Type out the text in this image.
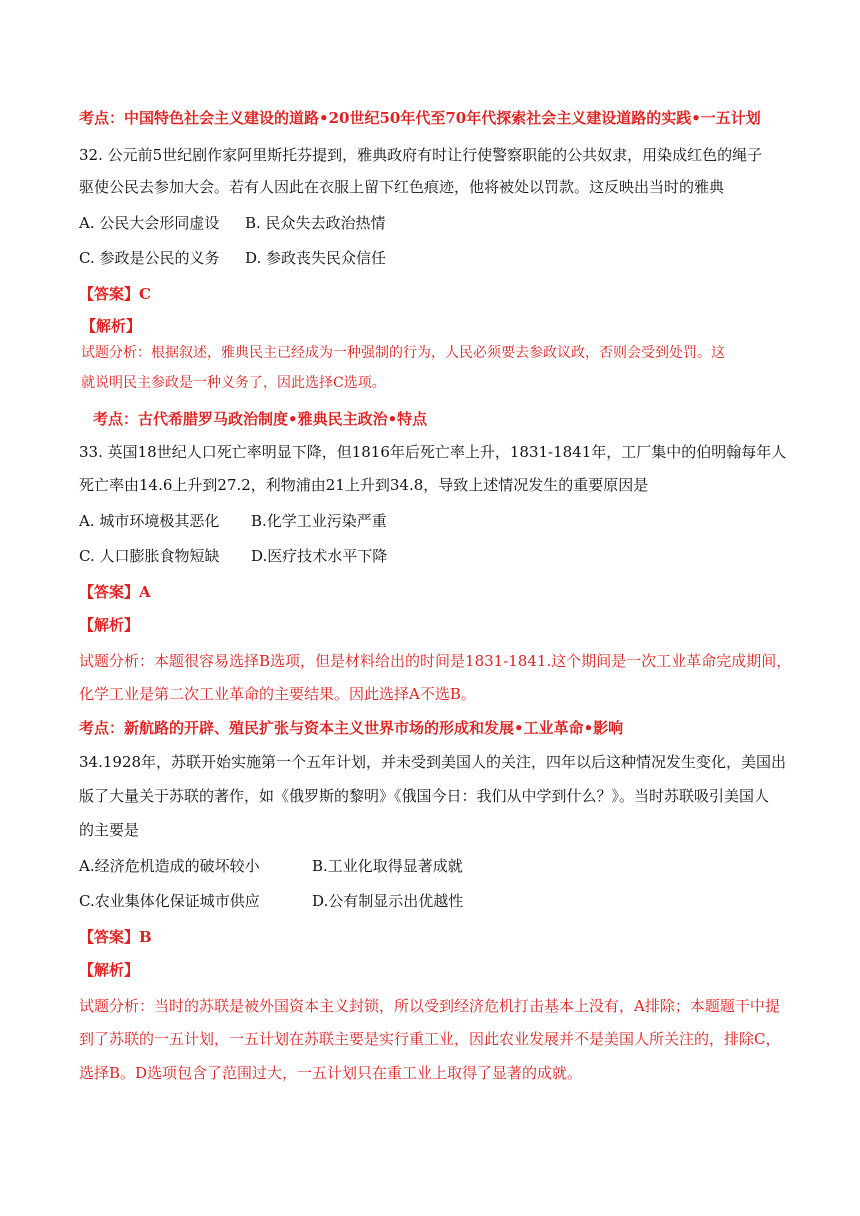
考点：中国特色社会主义建设的道路•20世纪50年代至70年代探索社会主义建设道路的实践•一五计划
32. 公元前5世纪剧作家阿里斯托芬提到，雅典政府有时让行使警察职能的公共奴隶，用染成红色的绳子
驱使公民去参加大会。若有人因此在衣服上留下红色痕迹，他将被处以罚款。这反映出当时的雅典
A. 公民大会形同虚设 B. 民众失去政治热情
C. 参政是公民的义务 D. 参政丧失民众信任
【答案】C
【解析】
试题分析：根据叙述，雅典民主已经成为一种强制的行为，人民必须要去参政议政，否则会受到处罚。这
就说明民主参政是一种义务了，因此选择C选项。
考点：古代希腊罗马政治制度•雅典民主政治•特点
33. 英国18世纪人口死亡率明显下降，但1816年后死亡率上升，1831-1841年，工厂集中的伯明翰每年人
死亡率由14.6上升到27.2，利物浦由21上升到34.8，导致上述情况发生的重要原因是
A. 城市环境极其恶化 B.化学工业污染严重
C. 人口膨胀食物短缺 D.医疗技术水平下降
【答案】A
【解析】
试题分析：本题很容易选择B选项，但是材料给出的时间是1831-1841.这个期间是一次工业革命完成期间，
化学工业是第二次工业革命的主要结果。因此选择A不选B。
考点：新航路的开辟、殖民扩张与资本主义世界市场的形成和发展•工业革命•影响
34.1928年，苏联开始实施第一个五年计划，并未受到美国人的关注，四年以后这种情况发生变化，美国出
版了大量关于苏联的著作，如《俄罗斯的黎明》《俄国今日：我们从中学到什么？》。当时苏联吸引美国人
的主要是
A.经济危机造成的破坏较小	B.工业化取得显著成就
C.农业集体化保证城市供应	D.公有制显示出优越性
【答案】B
【解析】
试题分析：当时的苏联是被外国资本主义封锁，所以受到经济危机打击基本上没有，A排除；本题题干中提
到了苏联的一五计划，一五计划在苏联主要是实行重工业，因此农业发展并不是美国人所关注的，排除C，
选择B。D选项包含了范围过大，一五计划只在重工业上取得了显著的成就。
